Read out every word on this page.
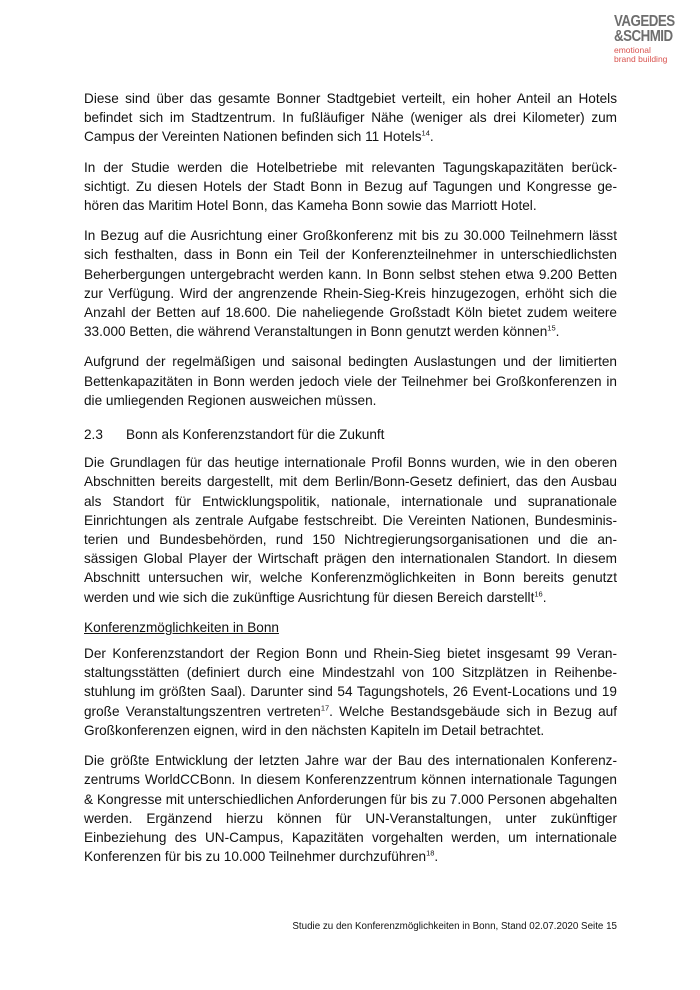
VAGEDES
&SCHMID
emotional
brand building

Diese sind über das gesamte Bonner Stadtgebiet verteilt, ein hoher Anteil an Hotels befindet sich im Stadtzentrum. In fußläufiger Nähe (weniger als drei Kilometer) zum Campus der Vereinten Nationen befinden sich 11 Hotels$^{14}$.

In der Studie werden die Hotelbetriebe mit relevanten Tagungskapazitäten berücksichtigt. Zu diesen Hotels der Stadt Bonn in Bezug auf Tagungen und Kongresse gehören das Maritim Hotel Bonn, das Kameha Bonn sowie das Marriott Hotel.

In Bezug auf die Ausrichtung einer Großkonferenz mit bis zu 30.000 Teilnehmern lässt sich festhalten, dass in Bonn ein Teil der Konferenzteilnehmer in unterschiedlichsten Beherbergungen untergebracht werden kann. In Bonn selbst stehen etwa 9.200 Betten zur Verfügung. Wird der angrenzende Rhein-Sieg-Kreis hinzugezogen, erhöht sich die Anzahl der Betten auf 18.600. Die naheliegende Großstadt Köln bietet zudem weitere 33.000 Betten, die während Veranstaltungen in Bonn genutzt werden können$^{15}$.

Aufgrund der regelmäßigen und saisonal bedingten Auslastungen und der limitierten Bettenkapazitäten in Bonn werden jedoch viele der Teilnehmer bei Großkonferenzen in die umliegenden Regionen ausweichen müssen.

2.3 Bonn als Konferenzstandort für die Zukunft

Die Grundlagen für das heutige internationale Profil Bonns wurden, wie in den oberen Abschnitten bereits dargestellt, mit dem Berlin/Bonn-Gesetz definiert, das den Ausbau als Standort für Entwicklungspolitik, nationale, internationale und supranationale Einrichtungen als zentrale Aufgabe festschreibt. Die Vereinten Nationen, Bundesministerien und Bundesbehörden, rund 150 Nichtregierungsorganisationen und die ansässigen Global Player der Wirtschaft prägen den internationalen Standort. In diesem Abschnitt untersuchen wir, welche Konferenzmöglichkeiten in Bonn bereits genutzt werden und wie sich die zukünftige Ausrichtung für diesen Bereich darstellt$^{16}$.

Konferenzmöglichkeiten in Bonn

Der Konferenzstandort der Region Bonn und Rhein-Sieg bietet insgesamt 99 Veranstaltungsstätten (definiert durch eine Mindestzahl von 100 Sitzplätzen in Reihenbestuhlung im größten Saal). Darunter sind 54 Tagungshotels, 26 Event-Locations und 19 große Veranstaltungszentren vertreten$^{17}$. Welche Bestandsgebäude sich in Bezug auf Großkonferenzen eignen, wird in den nächsten Kapiteln im Detail betrachtet.

Die größte Entwicklung der letzten Jahre war der Bau des internationalen Konferenzzentrums WorldCCBonn. In diesem Konferenzzentrum können internationale Tagungen & Kongresse mit unterschiedlichen Anforderungen für bis zu 7.000 Personen abgehalten werden. Ergänzend hierzu können für UN-Veranstaltungen, unter zukünftiger Einbeziehung des UN-Campus, Kapazitäten vorgehalten werden, um internationale Konferenzen für bis zu 10.000 Teilnehmer durchzuführen$^{18}$.

Studie zu den Konferenzmöglichkeiten in Bonn, Stand 02.07.2020 Seite 15
